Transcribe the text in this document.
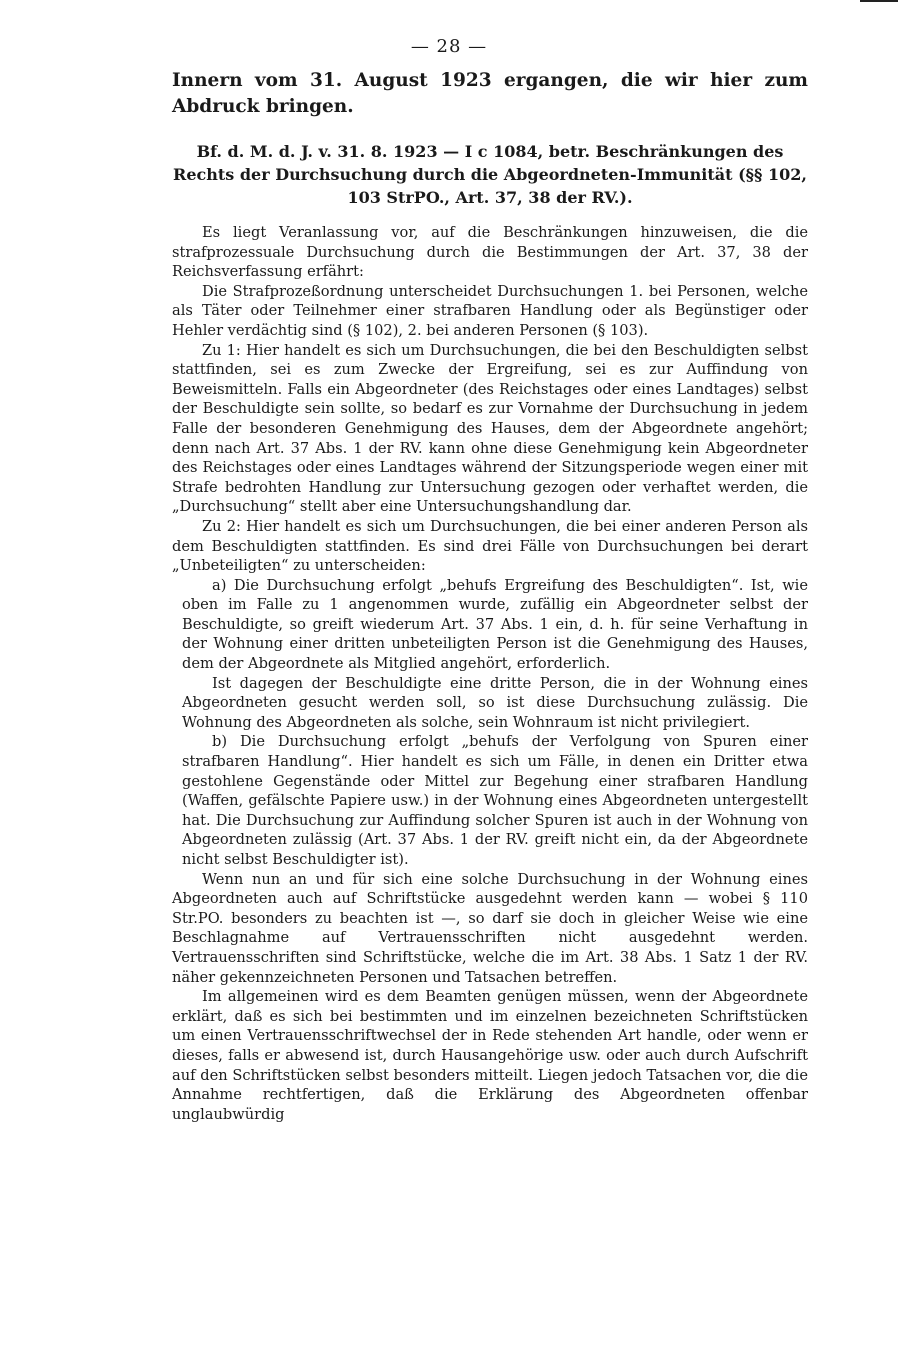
— 28 —

Innern vom 31. August 1923 ergangen, die wir hier zum Abdruck bringen.

Bf. d. M. d. J. v. 31. 8. 1923 — I c 1084, betr. Beschränkungen des Rechts der Durchsuchung durch die Abgeordneten-Immunität (§§ 102, 103 StrPO., Art. 37, 38 der RV.).

Es liegt Veranlassung vor, auf die Beschränkungen hinzuweisen, die die strafprozessuale Durchsuchung durch die Bestimmungen der Art. 37, 38 der Reichsverfassung erfährt:

Die Strafprozeßordnung unterscheidet Durchsuchungen 1. bei Personen, welche als Täter oder Teilnehmer einer strafbaren Handlung oder als Begünstiger oder Hehler verdächtig sind (§ 102), 2. bei anderen Personen (§ 103).

Zu 1: Hier handelt es sich um Durchsuchungen, die bei den Beschuldigten selbst stattfinden, sei es zum Zwecke der Ergreifung, sei es zur Auffindung von Beweismitteln. Falls ein Abgeordneter (des Reichstages oder eines Landtages) selbst der Beschuldigte sein sollte, so bedarf es zur Vornahme der Durchsuchung in jedem Falle der besonderen Genehmigung des Hauses, dem der Abgeordnete angehört; denn nach Art. 37 Abs. 1 der RV. kann ohne diese Genehmigung kein Abgeordneter des Reichstages oder eines Landtages während der Sitzungsperiode wegen einer mit Strafe bedrohten Handlung zur Untersuchung gezogen oder verhaftet werden, die „Durchsuchung“ stellt aber eine Untersuchungshandlung dar.

Zu 2: Hier handelt es sich um Durchsuchungen, die bei einer anderen Person als dem Beschuldigten stattfinden. Es sind drei Fälle von Durchsuchungen bei derart „Unbeteiligten“ zu unterscheiden:

a) Die Durchsuchung erfolgt „behufs Ergreifung des Beschuldigten“. Ist, wie oben im Falle zu 1 angenommen wurde, zufällig ein Abgeordneter selbst der Beschuldigte, so greift wiederum Art. 37 Abs. 1 ein, d. h. für seine Verhaftung in der Wohnung einer dritten unbeteiligten Person ist die Genehmigung des Hauses, dem der Abgeordnete als Mitglied angehört, erforderlich.

Ist dagegen der Beschuldigte eine dritte Person, die in der Wohnung eines Abgeordneten gesucht werden soll, so ist diese Durchsuchung zulässig. Die Wohnung des Abgeordneten als solche, sein Wohnraum ist nicht privilegiert.

b) Die Durchsuchung erfolgt „behufs der Verfolgung von Spuren einer strafbaren Handlung“. Hier handelt es sich um Fälle, in denen ein Dritter etwa gestohlene Gegenstände oder Mittel zur Begehung einer strafbaren Handlung (Waffen, gefälschte Papiere usw.) in der Wohnung eines Abgeordneten untergestellt hat. Die Durchsuchung zur Auffindung solcher Spuren ist auch in der Wohnung von Abgeordneten zulässig (Art. 37 Abs. 1 der RV. greift nicht ein, da der Abgeordnete nicht selbst Beschuldigter ist).

Wenn nun an und für sich eine solche Durchsuchung in der Wohnung eines Abgeordneten auch auf Schriftstücke ausgedehnt werden kann — wobei § 110 Str.PO. besonders zu beachten ist —, so darf sie doch in gleicher Weise wie eine Beschlagnahme auf Vertrauensschriften nicht ausgedehnt werden. Vertrauensschriften sind Schriftstücke, welche die im Art. 38 Abs. 1 Satz 1 der RV. näher gekennzeichneten Personen und Tatsachen betreffen.

Im allgemeinen wird es dem Beamten genügen müssen, wenn der Abgeordnete erklärt, daß es sich bei bestimmten und im einzelnen bezeichneten Schriftstücken um einen Vertrauensschriftwechsel der in Rede stehenden Art handle, oder wenn er dieses, falls er abwesend ist, durch Hausangehörige usw. oder auch durch Aufschrift auf den Schriftstücken selbst besonders mitteilt. Liegen jedoch Tatsachen vor, die die Annahme rechtfertigen, daß die Erklärung des Abgeordneten offenbar unglaubwürdig
